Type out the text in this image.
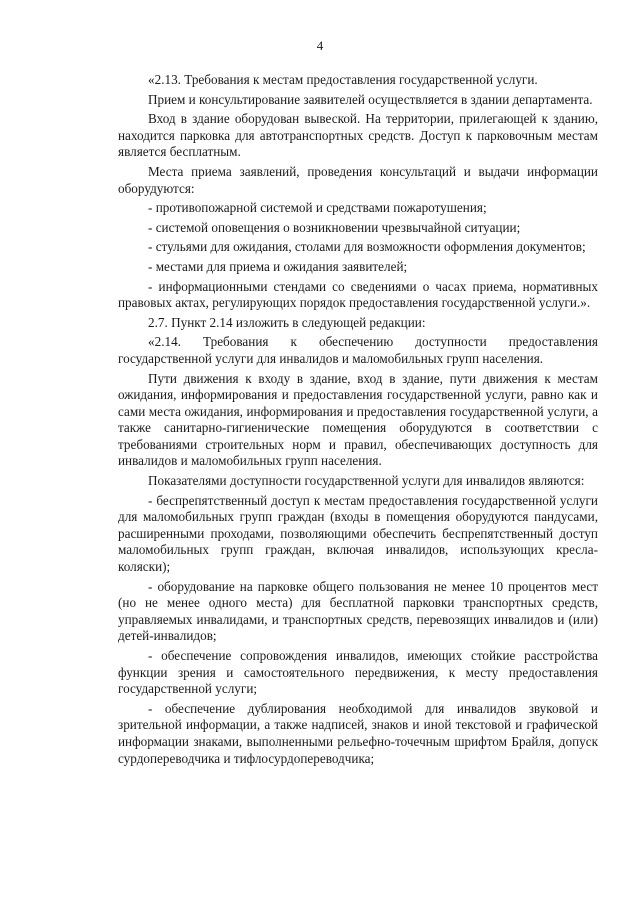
4

«2.13. Требования к местам предоставления государственной услуги.

Прием и консультирование заявителей осуществляется в здании департамента.

Вход в здание оборудован вывеской. На территории, прилегающей к зданию, находится парковка для автотранспортных средств. Доступ к парковочным местам является бесплатным.

Места приема заявлений, проведения консультаций и выдачи информации оборудуются:

- противопожарной системой и средствами пожаротушения;

- системой оповещения о возникновении чрезвычайной ситуации;

- стульями для ожидания, столами для возможности оформления документов;

- местами для приема и ожидания заявителей;

- информационными стендами со сведениями о часах приема, нормативных правовых актах, регулирующих порядок предоставления государственной услуги.».

2.7. Пункт 2.14 изложить в следующей редакции:

«2.14. Требования к обеспечению доступности предоставления государственной услуги для инвалидов и маломобильных групп населения.

Пути движения к входу в здание, вход в здание, пути движения к местам ожидания, информирования и предоставления государственной услуги, равно как и сами места ожидания, информирования и предоставления государственной услуги, а также санитарно-гигиенические помещения оборудуются в соответствии с требованиями строительных норм и правил, обеспечивающих доступность для инвалидов и маломобильных групп населения.

Показателями доступности государственной услуги для инвалидов являются:

- беспрепятственный доступ к местам предоставления государственной услуги для маломобильных групп граждан (входы в помещения оборудуются пандусами, расширенными проходами, позволяющими обеспечить беспрепятственный доступ маломобильных групп граждан, включая инвалидов, использующих кресла-коляски);

- оборудование на парковке общего пользования не менее 10 процентов мест (но не менее одного места) для бесплатной парковки транспортных средств, управляемых инвалидами, и транспортных средств, перевозящих инвалидов и (или) детей-инвалидов;

- обеспечение сопровождения инвалидов, имеющих стойкие расстройства функции зрения и самостоятельного передвижения, к месту предоставления государственной услуги;

- обеспечение дублирования необходимой для инвалидов звуковой и зрительной информации, а также надписей, знаков и иной текстовой и графической информации знаками, выполненными рельефно-точечным шрифтом Брайля, допуск сурдопереводчика и тифлосурдопереводчика;
